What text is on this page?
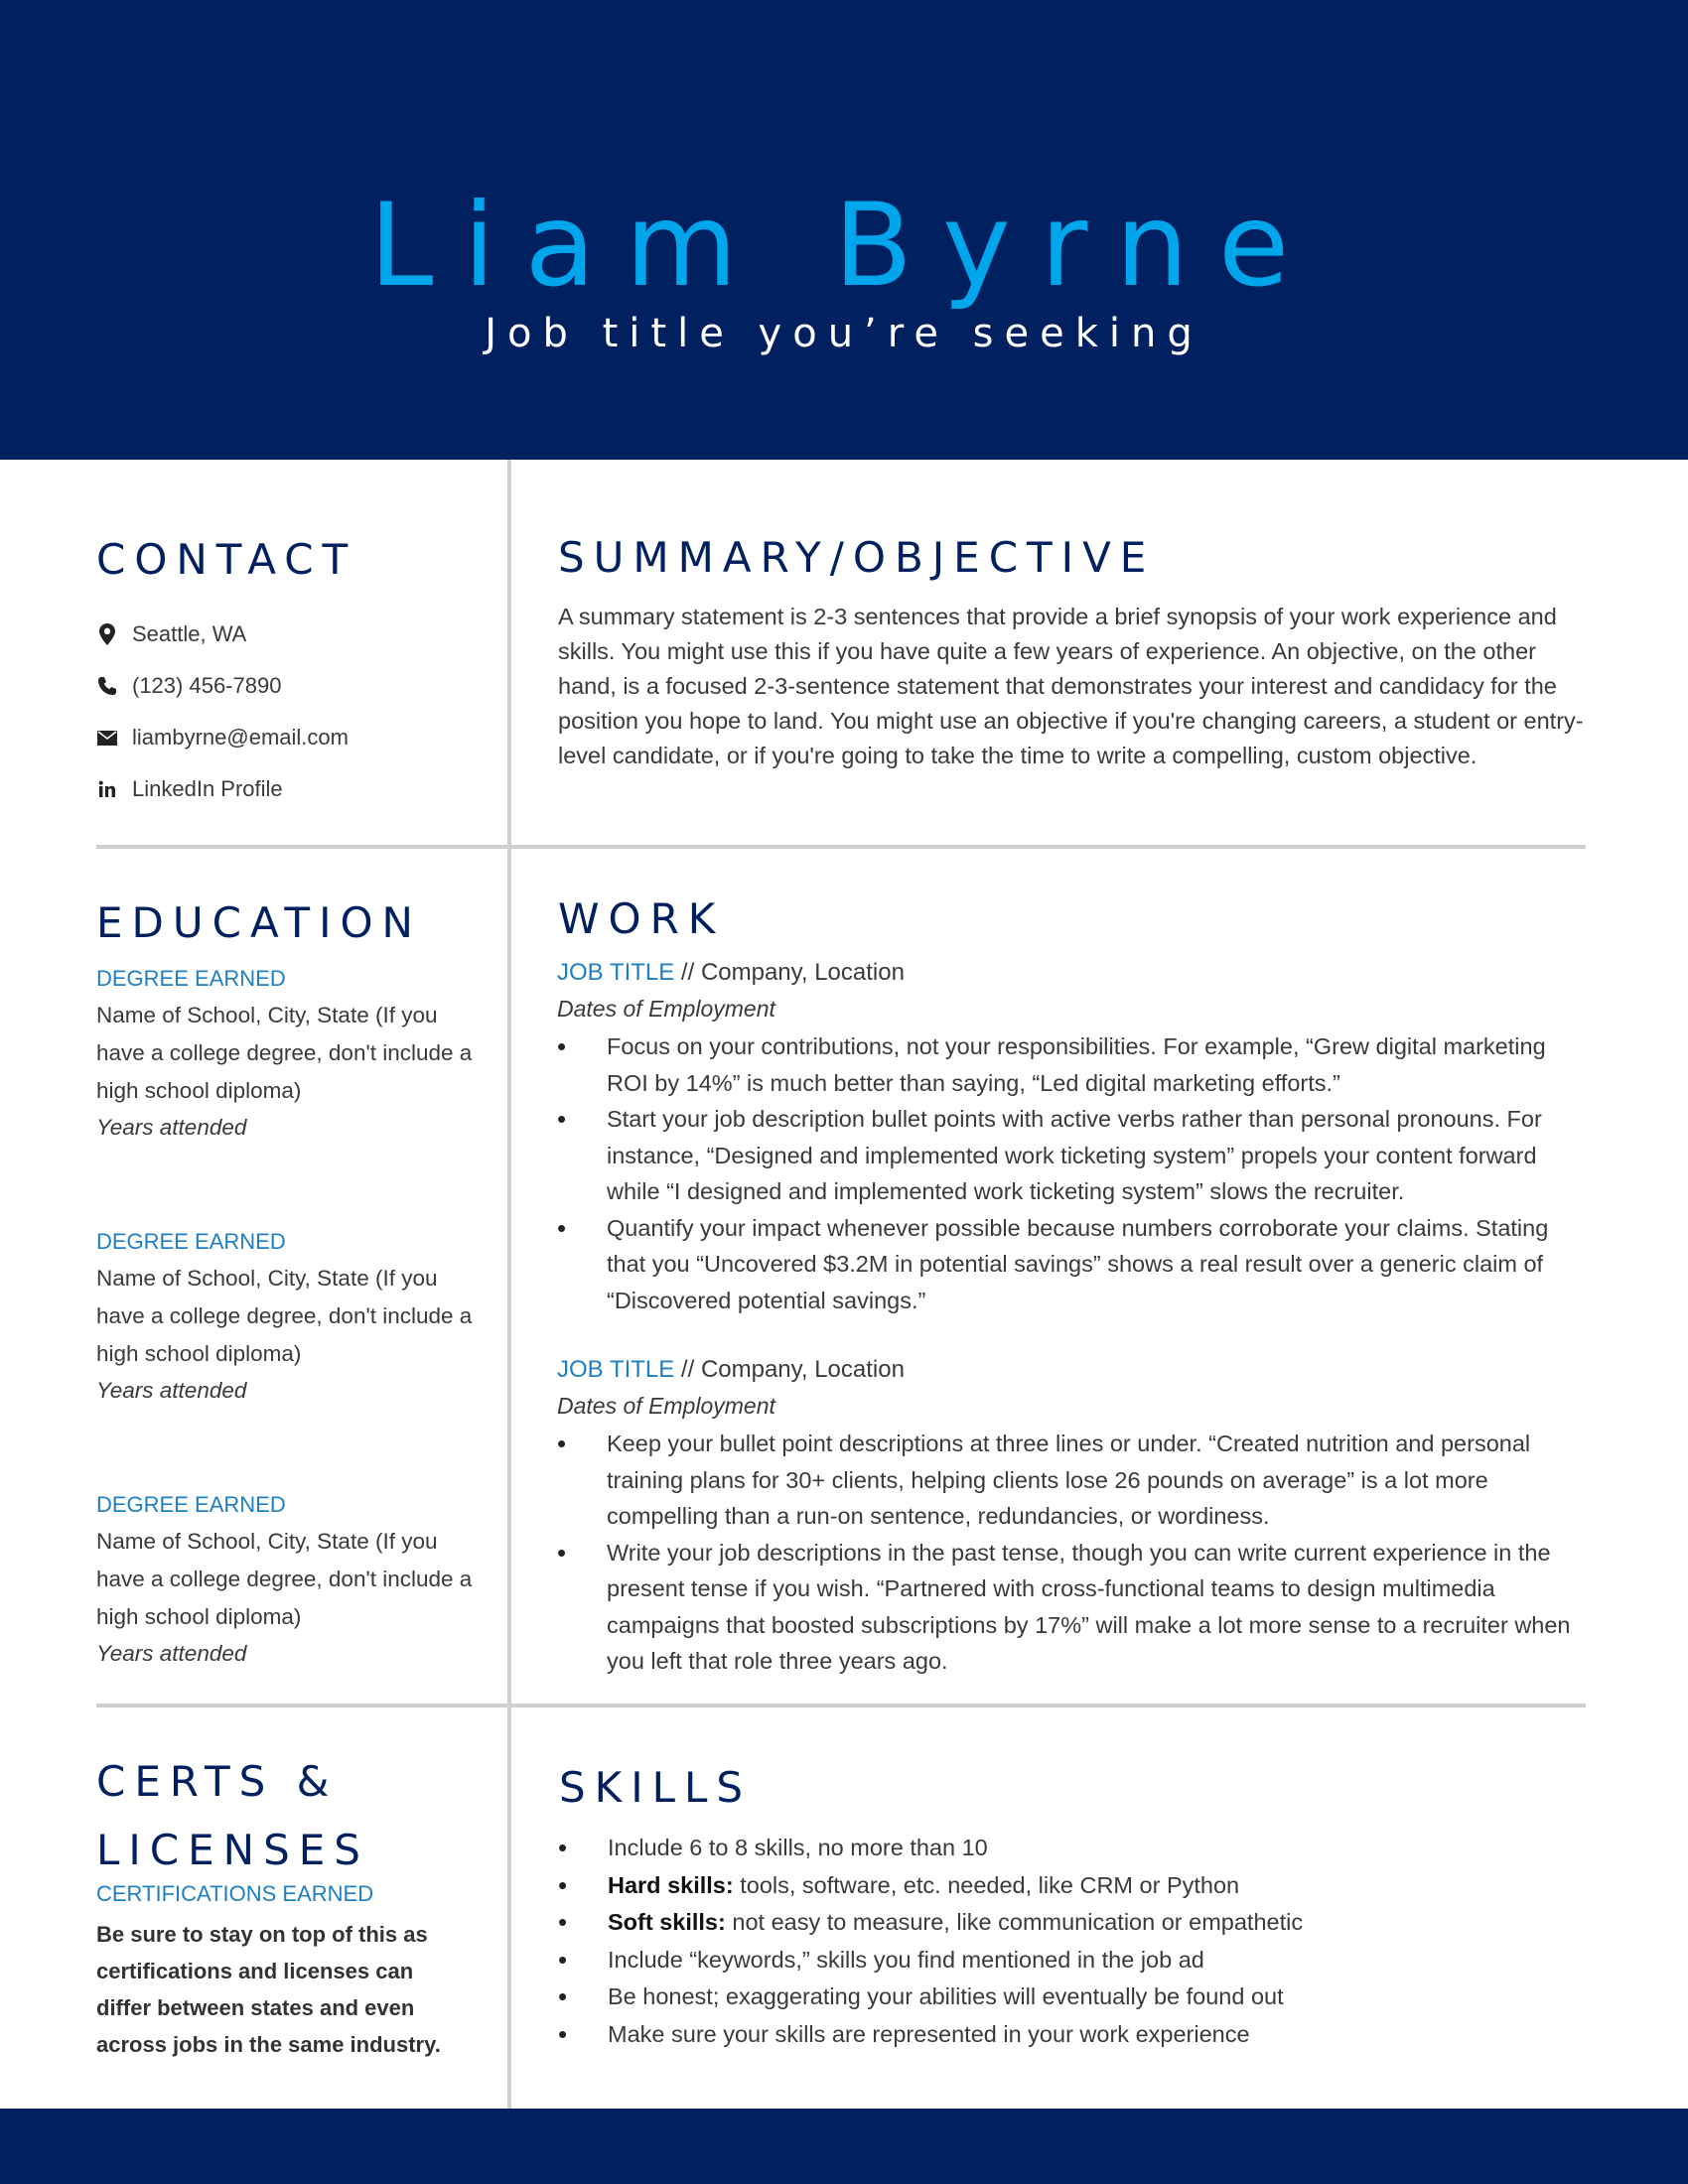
Liam Byrne
Job title you’re seeking
CONTACT
Seattle, WA
(123) 456-7890
liambyrne@email.com
LinkedIn Profile
SUMMARY/OBJECTIVE
A summary statement is 2-3 sentences that provide a brief synopsis of your work experience and skills. You might use this if you have quite a few years of experience. An objective, on the other hand, is a focused 2-3-sentence statement that demonstrates your interest and candidacy for the position you hope to land. You might use an objective if you're changing careers, a student or entry-level candidate, or if you're going to take the time to write a compelling, custom objective.
EDUCATION
DEGREE EARNED
Name of School, City, State (If you have a college degree, don't include a high school diploma)
Years attended
DEGREE EARNED
Name of School, City, State (If you have a college degree, don't include a high school diploma)
Years attended
DEGREE EARNED
Name of School, City, State (If you have a college degree, don't include a high school diploma)
Years attended
WORK
JOB TITLE // Company, Location
Dates of Employment
• Focus on your contributions, not your responsibilities. For example, “Grew digital marketing ROI by 14%” is much better than saying, “Led digital marketing efforts.”
• Start your job description bullet points with active verbs rather than personal pronouns. For instance, “Designed and implemented work ticketing system” propels your content forward while “I designed and implemented work ticketing system” slows the recruiter.
• Quantify your impact whenever possible because numbers corroborate your claims. Stating that you “Uncovered $3.2M in potential savings” shows a real result over a generic claim of “Discovered potential savings.”
JOB TITLE // Company, Location
Dates of Employment
• Keep your bullet point descriptions at three lines or under. “Created nutrition and personal training plans for 30+ clients, helping clients lose 26 pounds on average” is a lot more compelling than a run-on sentence, redundancies, or wordiness.
• Write your job descriptions in the past tense, though you can write current experience in the present tense if you wish. “Partnered with cross-functional teams to design multimedia campaigns that boosted subscriptions by 17%” will make a lot more sense to a recruiter when you left that role three years ago.
CERTS &
LICENSES
CERTIFICATIONS EARNED
Be sure to stay on top of this as certifications and licenses can differ between states and even across jobs in the same industry.
SKILLS
• Include 6 to 8 skills, no more than 10
• Hard skills: tools, software, etc. needed, like CRM or Python
• Soft skills: not easy to measure, like communication or empathetic
• Include “keywords,” skills you find mentioned in the job ad
• Be honest; exaggerating your abilities will eventually be found out
• Make sure your skills are represented in your work experience
